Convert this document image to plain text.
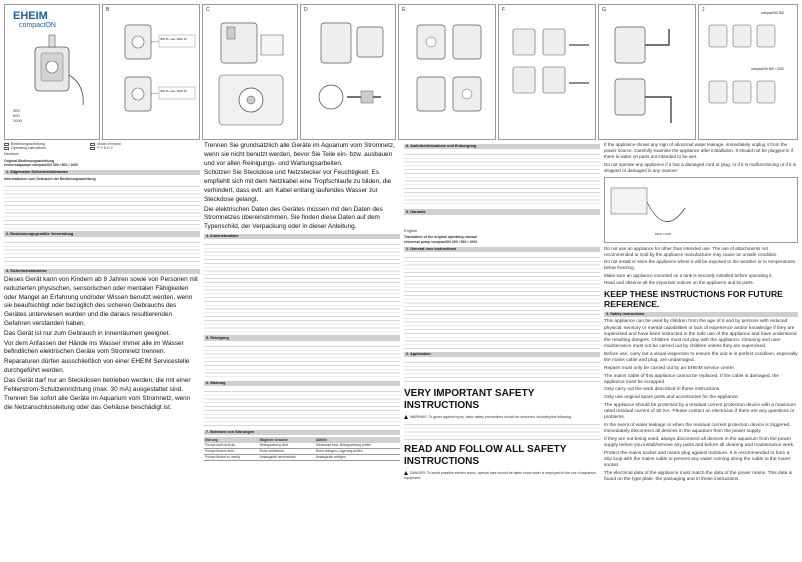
EHEIM
compactON
300
600
1000
B
300 l/h max 4000 l/h
300 l/h max 1000 l/h
C	D	E	F	G	J	compactON 300
compactON 600 / 1000
Bedienungsanleitung	Mode d'emploi Operating instructions	Р У Б Е У
Deutsch

Original-Bedienungsanleitung
Universalpumpe compactON 300 / 600 / 1000

1. Allgemeine Sicherheitshinweise

Informationen zum Gebrauch der Bedienungsanleitung

2. Bestimmungsgemäße Verwendung

3. Sicherheitshinweise

Dieses Gerät kann von Kindern ab 8 Jahren sowie von Personen mit reduzierten physischen, sensorischen oder mentalen Fähigkeiten oder Mangel an Erfahrung und/oder Wissen benutzt werden, wenn sie beaufsichtigt oder bezüglich des sicheren Gebrauchs des Gerätes unterwiesen wurden und die daraus resultierenden Gefahren verstanden haben.

Das Gerät ist nur zum Gebrauch in Innenräumen geeignet.

Vor dem Anfassen der Hände ins Wasser immer alle im Wasser befindlichen elektrischen Geräte vom Stromnetz trennen.

Reparaturen dürfen ausschließlich von einer EHEIM Servicestelle durchgeführt werden.

Das Gerät darf nur an Steckdosen betrieben werden, die mit einer Fehlerstrom-Schutzeinrichtung (max. 30 mA) ausgestattet sind.

Trennen Sie sofort alle Geräte im Aquarium vom Stromnetz, wenn die Netzanschlussleitung oder das Gehäuse beschädigt ist.

Trennen Sie grundsätzlich alle Geräte im Aquarium vom Stromnetz, wenn sie nicht benutzt werden, bevor Sie Teile ein- bzw. ausbauen und vor allen Reinigungs- und Wartungsarbeiten.

Schützen Sie Steckdose und Netzstecker vor Feuchtigkeit. Es empfiehlt sich mit dem Netzkabel eine Tropfschlaufe zu bilden, die verhindert, dass evtl. am Kabel entlang laufendes Wasser zur Steckdose gelangt.

Die elektrischen Daten des Gerätes müssen mit den Daten des Stromnetzes übereinstimmen. Sie finden diese Daten auf dem Typenschild, der Verpackung oder in dieser Anleitung.

4. Inbetriebnahme

5. Reinigung

6. Wartung

7. Beheben von Störungen
Störung	Mögliche Ursache	Abhilfe
Pumpe läuft nicht an	Netzspannung fehlt	Steckdose bzw. Netzspannung prüfen
Pumpe fördert nicht	Rotor verklemmt	Rotor reinigen, Lagerung prüfen
Pumpe fördert zu wenig	Ansaugsieb verschmutzt	Ansaugsieb reinigen
8. Außerbetriebnahme und Entsorgung

9. Garantie

English

Translation of the original operating manual
Universal pump compactON 300 / 600 / 1000

1. General user instructions

2. Application

VERY IMPORTANT SAFETY INSTRUCTIONS

WARNING: To guard against injury, basic safety precautions should be observed, including the following.

READ AND FOLLOW ALL SAFETY INSTRUCTIONS

DANGER: To avoid possible electric shock, special care should be taken since water is employed in the use of aquarium equipment.

If the appliance shows any sign of abnormal water leakage, immediately unplug it from the power source. Carefully examine the appliance after installation. It should not be plugged in if there is water on parts not intended to be wet.

Do not operate any appliance if it has a damaged cord or plug, or if it is malfunctioning or if it is dropped or damaged in any manner.

DRIP LOOP

Do not use an appliance for other than intended use. The use of attachments not recommended or sold by the appliance manufacturer may cause an unsafe condition.

Do not install or store the appliance where it will be exposed to the weather or to temperatures below freezing.

Make sure an appliance mounted on a tank is securely installed before operating it.

Read and observe all the important notices on the appliance and its parts.

KEEP THESE INSTRUCTIONS FOR FUTURE REFERENCE.
3. Safety instructions

This appliance can be used by children from the age of 8 and by persons with reduced physical, sensory or mental capabilities or lack of experience and/or knowledge if they are supervised and have been instructed in the safe use of the appliance and have understood the resulting dangers. Children must not play with the appliance. Cleaning and user maintenance must not be carried out by children unless they are supervised.

Before use, carry out a visual inspection to ensure the unit is in perfect condition, especially the mains cable and plug, are undamaged.

Repairs must only be carried out by an EHEIM service centre.

The mains cable of this appliance cannot be replaced. If the cable is damaged, the appliance must be scrapped.

Only carry out the work described in these instructions.

Only use original spare parts and accessories for the appliance.

The appliance should be protected by a residual current protection device with a maximum rated residual current of 30 mA. Please contact an electrician if there are any questions or problems.

In the event of water leakage or when the residual current protection device is triggered, immediately disconnect all devices in the aquarium from the power supply.

If they are not being used, always disconnect all devices in the aquarium from the power supply before you install/remove any parts and before all cleaning and maintenance work.

Protect the mains socket and mains plug against moisture. It is recommended to form a drip loop with the mains cable to prevent any water running along the cable to the mains socket.

The electrical data of the appliance must match the data of the power mains. This data is found on the type plate, the packaging and in these instructions.
